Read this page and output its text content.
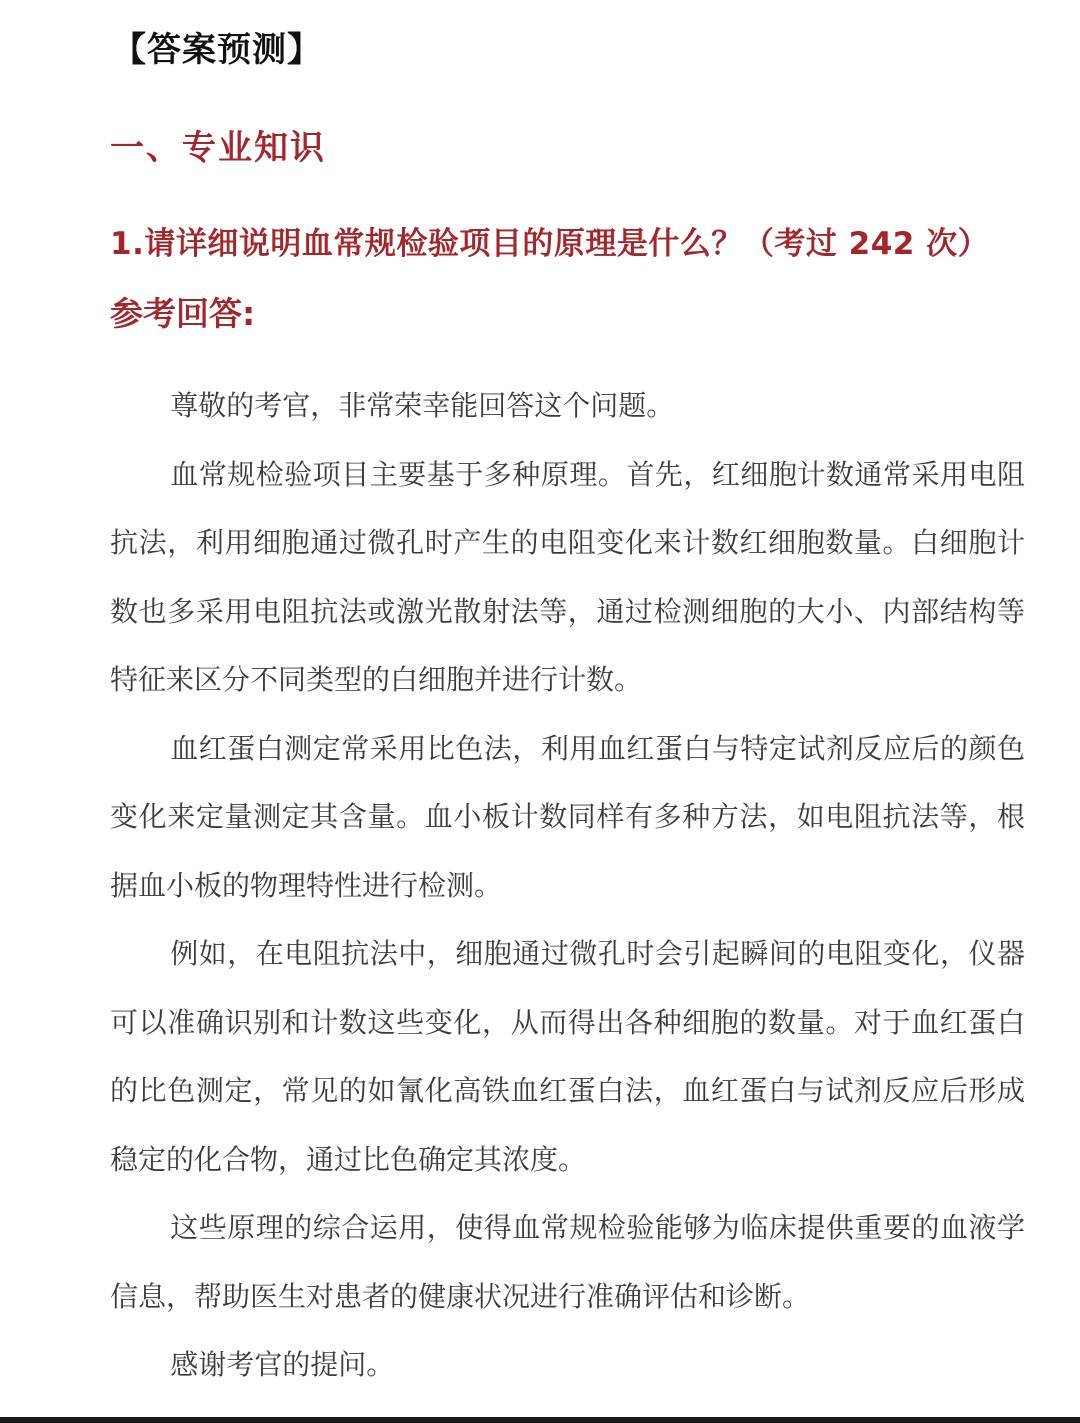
【答案预测】
一、专业知识
1.请详细说明血常规检验项目的原理是什么？（考过 242 次）
参考回答:

尊敬的考官，非常荣幸能回答这个问题。

血常规检验项目主要基于多种原理。首先，红细胞计数通常采用电阻抗法，利用细胞通过微孔时产生的电阻变化来计数红细胞数量。白细胞计数也多采用电阻抗法或激光散射法等，通过检测细胞的大小、内部结构等特征来区分不同类型的白细胞并进行计数。

血红蛋白测定常采用比色法，利用血红蛋白与特定试剂反应后的颜色变化来定量测定其含量。血小板计数同样有多种方法，如电阻抗法等，根据血小板的物理特性进行检测。

例如，在电阻抗法中，细胞通过微孔时会引起瞬间的电阻变化，仪器可以准确识别和计数这些变化，从而得出各种细胞的数量。对于血红蛋白的比色测定，常见的如氰化高铁血红蛋白法，血红蛋白与试剂反应后形成稳定的化合物，通过比色确定其浓度。

这些原理的综合运用，使得血常规检验能够为临床提供重要的血液学信息，帮助医生对患者的健康状况进行准确评估和诊断。

感谢考官的提问。
